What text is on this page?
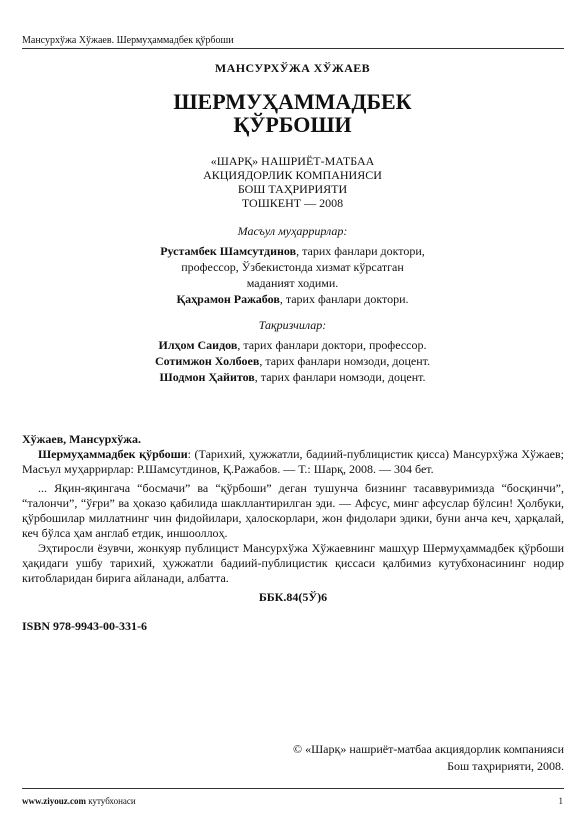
Мансурхўжа Хўжаев. Шермуҳаммадбек қўрбоши
МАНСУРХЎЖА ХЎЖАЕВ
ШЕРМУҲАММАДБЕК
ҚЎРБОШИ
«ШАРҚ» НАШРИЁТ-МАТБАА
АКЦИЯДОРЛИК КОМПАНИЯСИ
БОШ ТАҲРИРИЯТИ
ТОШКЕНТ — 2008
Масъул муҳаррирлар:
Рустамбек Шамсутдинов, тарих фанлари доктори,
профессор, Ўзбекистонда хизмат кўрсатган
маданият ходими.
Қаҳрамон Ражабов, тарих фанлари доктори.
Тақризчилар:
Илҳом Саидов, тарих фанлари доктори, профессор.
Сотимжон Холбоев, тарих фанлари номзоди, доцент.
Шодмон Ҳайитов, тарих фанлари номзоди, доцент.

Хўжаев, Мансурхўжа.

Шермуҳаммадбек қўрбоши: (Тарихий, ҳужжатли, бадиий-публицистик қисса) Мансурхўжа Хўжаев; Масъул муҳаррирлар: Р.Шамсутдинов, Қ.Ражабов. — Т.: Шарқ, 2008. — 304 бет.

... Яқин-яқингача “босмачи” ва “қўрбоши” деган тушунча бизнинг тасаввуримизда “босқинчи”, “талончи”, “ўғри” ва ҳоказо қабилида шакллантирилган эди. — Афсус, минг афсуслар бўлсин! Ҳолбуки, қўрбошилар миллатнинг чин фидойилари, ҳалоскорлари, жон фидолари эдики, буни анча кеч, ҳарқалай, кеч бўлса ҳам англаб етдик, иншооллоҳ.

Эҳтиросли ёзувчи, жонкуяр публицист Мансурхўжа Хўжаевнинг машҳур Шермуҳаммадбек қўрбоши ҳақидаги ушбу тарихий, ҳужжатли бадиий-публицистик қиссаси қалбимиз кутубхонасининг нодир китобларидан бирига айланади, албатта.

ББК.84(5Ў)6

ISBN 978-9943-00-331-6
© «Шарқ» нашриёт-матбаа акциядорлик компанияси
Бош таҳририяти, 2008.
www.ziyouz.com кутубхонаси	1
